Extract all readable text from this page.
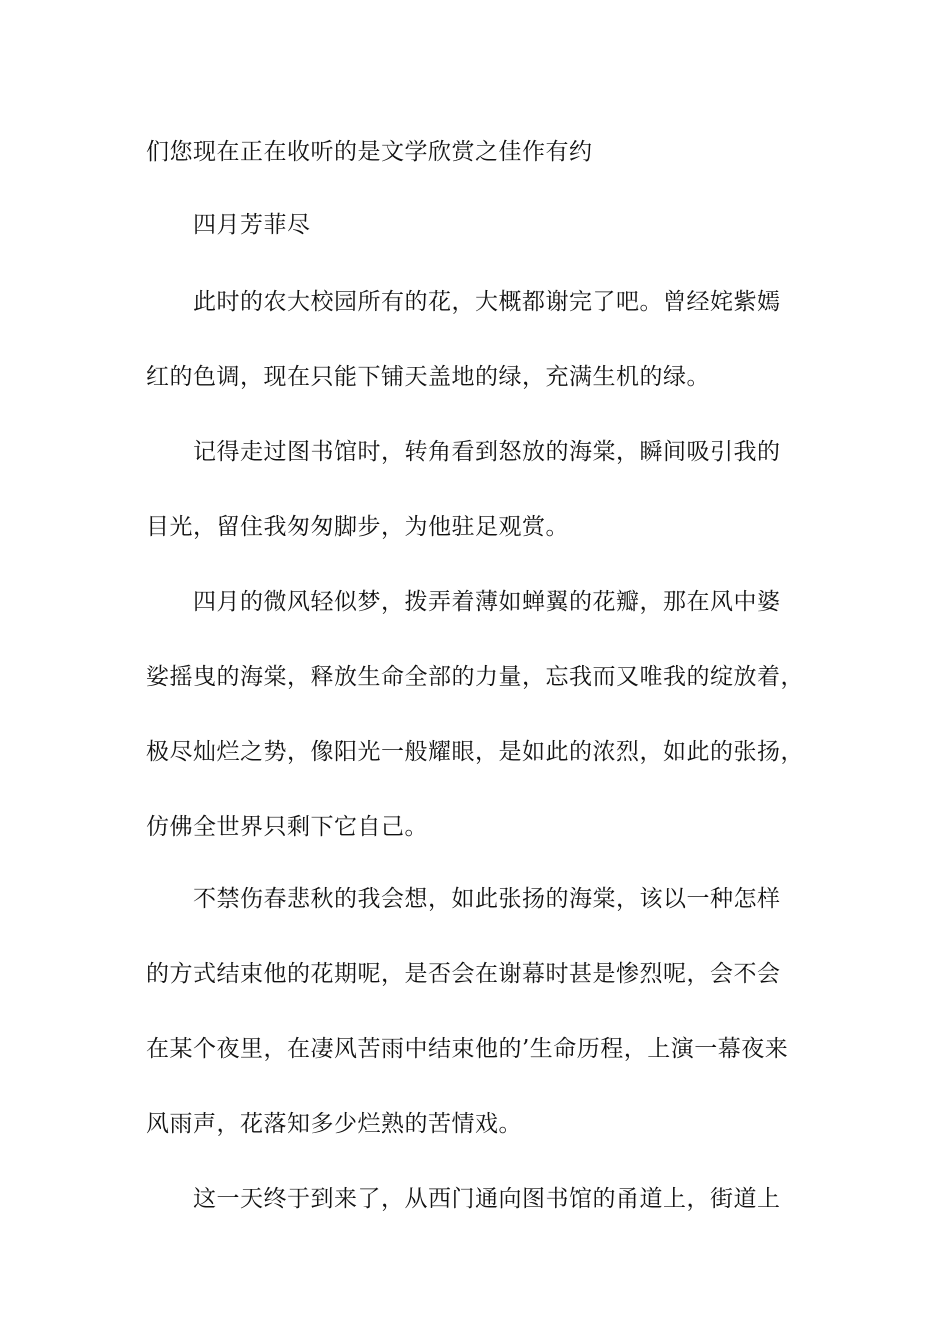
们您现在正在收听的是文学欣赏之佳作有约
四月芳菲尽
此时的农大校园所有的花，大概都谢完了吧。曾经姹紫嫣
红的色调，现在只能下铺天盖地的绿，充满生机的绿。
记得走过图书馆时，转角看到怒放的海棠，瞬间吸引我的
目光，留住我匆匆脚步，为他驻足观赏。
四月的微风轻似梦，拨弄着薄如蝉翼的花瓣，那在风中婆
娑摇曳的海棠，释放生命全部的力量，忘我而又唯我的绽放着，
极尽灿烂之势，像阳光一般耀眼，是如此的浓烈，如此的张扬，
仿佛全世界只剩下它自己。
不禁伤春悲秋的我会想，如此张扬的海棠，该以一种怎样
的方式结束他的花期呢，是否会在谢幕时甚是惨烈呢，会不会
在某个夜里，在凄风苦雨中结束他的’生命历程，上演一幕夜来
风雨声，花落知多少烂熟的苦情戏。
这一天终于到来了，从西门通向图书馆的甬道上，街道上
